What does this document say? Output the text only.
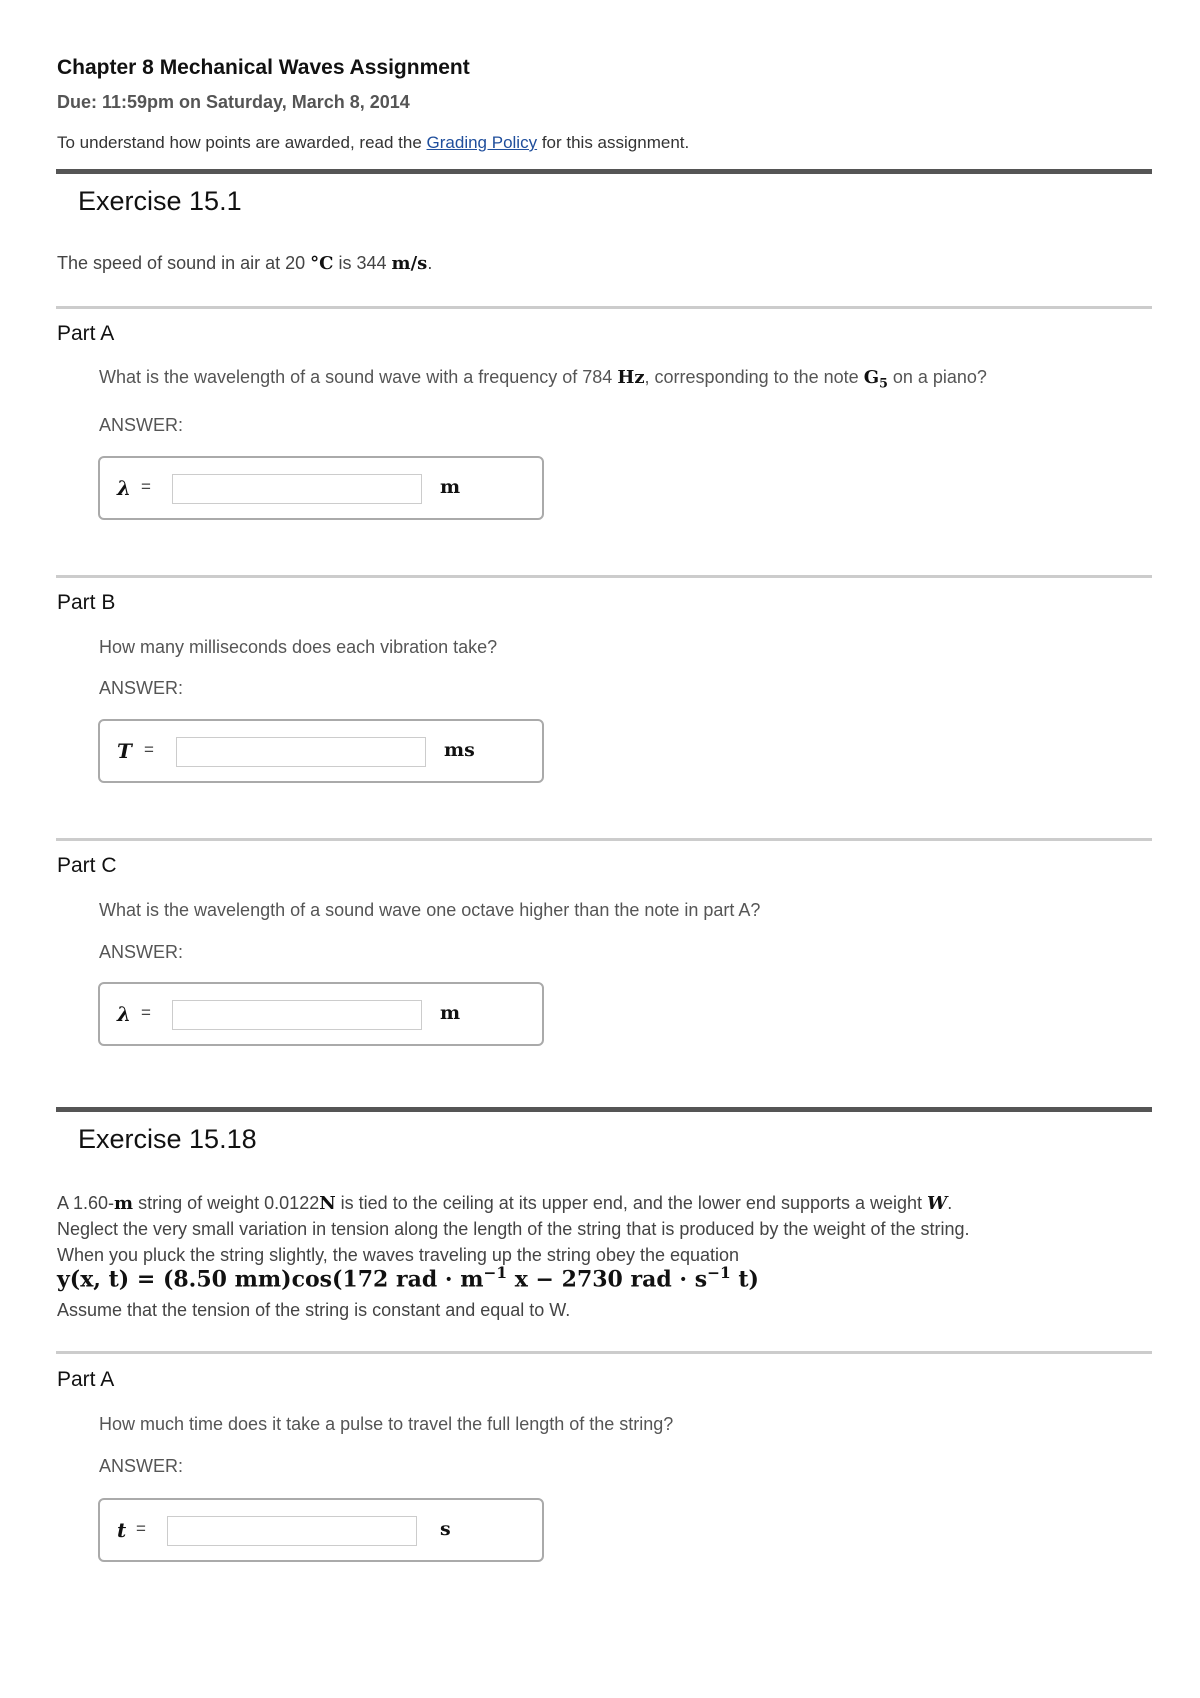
Chapter 8 Mechanical Waves Assignment
Due: 11:59pm on Saturday, March 8, 2014
To understand how points are awarded, read the Grading Policy for this assignment.
Exercise 15.1
The speed of sound in air at 20 °C is 344 m/s.
Part A
What is the wavelength of a sound wave with a frequency of 784 Hz, corresponding to the note $G_5$ on a piano?
ANSWER:
λ =	m
Part B
How many milliseconds does each vibration take?
ANSWER:
T =	ms
Part C
What is the wavelength of a sound wave one octave higher than the note in part A?
ANSWER:
λ =	m
Exercise 15.18
A 1.60-m string of weight 0.0122N is tied to the ceiling at its upper end, and the lower end supports a weight W.
Neglect the very small variation in tension along the length of the string that is produced by the weight of the string.
When you pluck the string slightly, the waves traveling up the string obey the equation
y(x, t) = (8.50 mm)cos(172 rad · $m^{-1}$ x − 2730 rad · $s^{-1}$ t)
Assume that the tension of the string is constant and equal to W.
Part A
How much time does it take a pulse to travel the full length of the string?
ANSWER:
t =	s
